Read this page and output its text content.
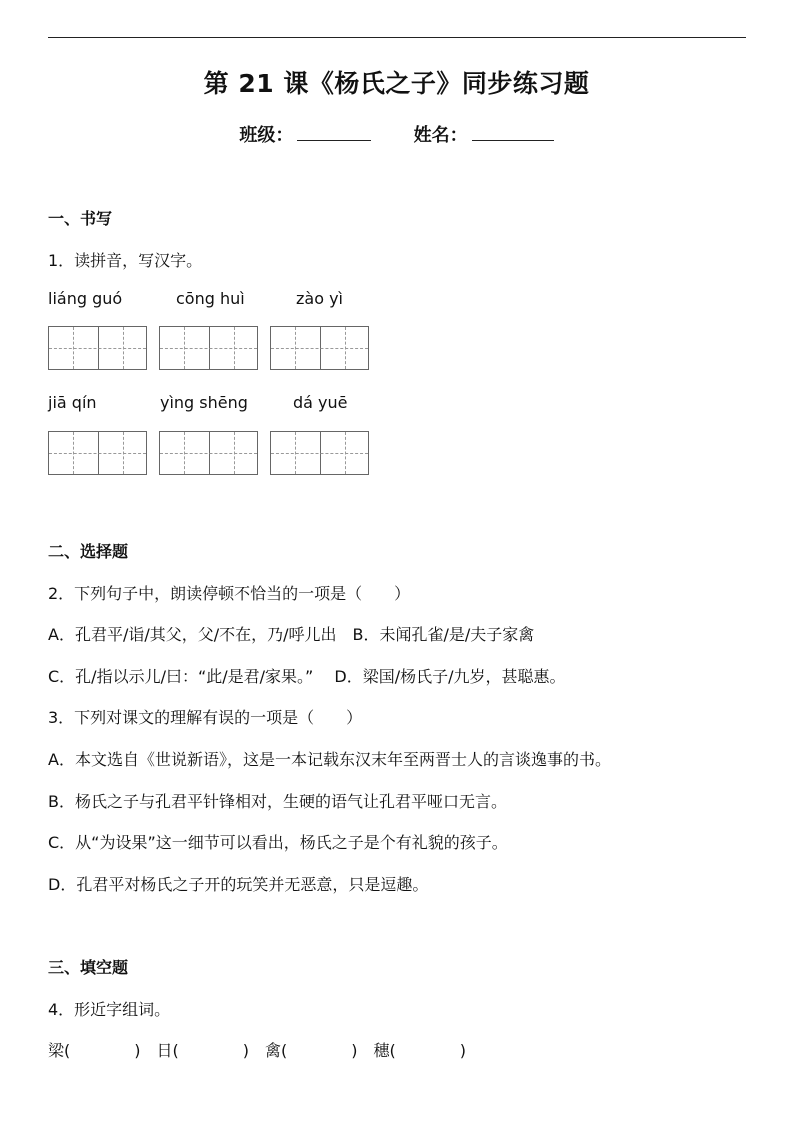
第 21 课《杨氏之子》同步练习题
班级：	姓名：
一、书写
1．读拼音，写汉字。
liáng guó	cōng huì	zào yì
jiā qín	yìng shēng	dá yuē
二、选择题
2．下列句子中，朗读停顿不恰当的一项是（　　）
A．孔君平/诣/其父，父/不在，乃/呼儿出　B．未闻孔雀/是/夫子家禽
C．孔/指以示儿/曰：“此/是君/家果。”　 D．梁国/杨氏子/九岁，甚聪惠。
3．下列对课文的理解有误的一项是（　　）
A．本文选自《世说新语》，这是一本记载东汉末年至两晋士人的言谈逸事的书。
B．杨氏之子与孔君平针锋相对，生硬的语气让孔君平哑口无言。
C．从“为设果”这一细节可以看出，杨氏之子是个有礼貌的孩子。
D．孔君平对杨氏之子开的玩笑并无恶意，只是逗趣。
三、填空题
4．形近字组词。
梁(　　　　)　日(　　　　)　禽(　　　　)　穗(　　　　)
